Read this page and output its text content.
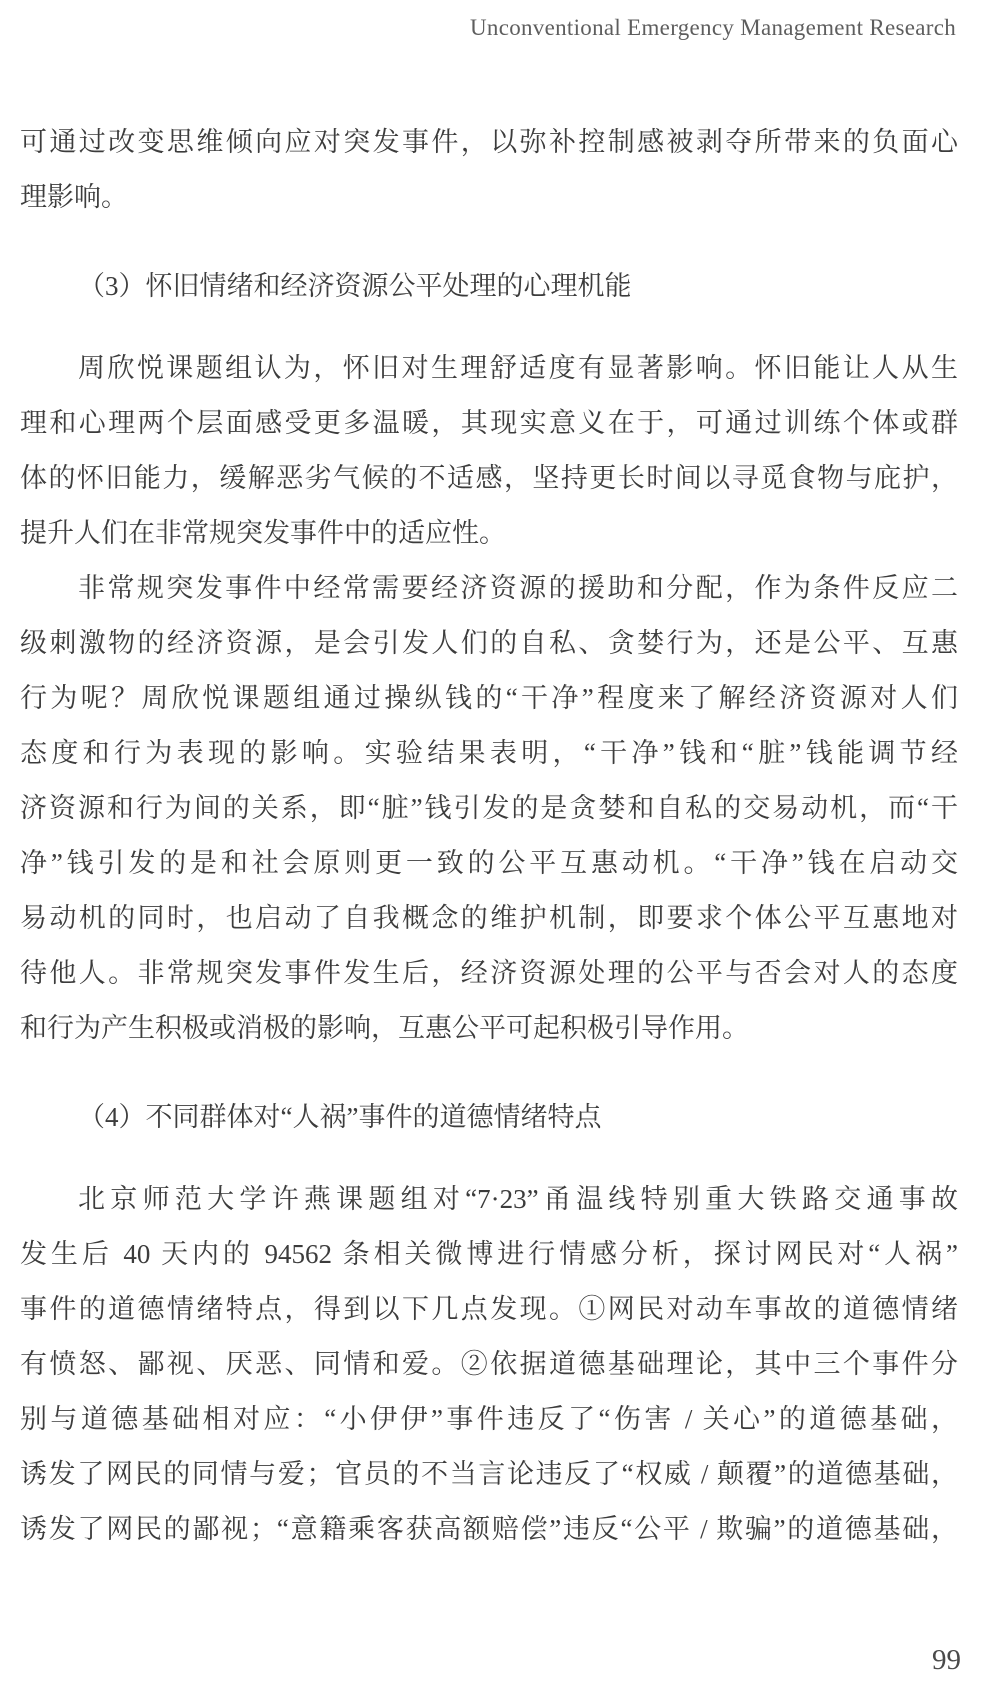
Unconventional Emergency Management Research
可通过改变思维倾向应对突发事件，以弥补控制感被剥夺所带来的负面心
理影响。
（3）怀旧情绪和经济资源公平处理的心理机能
周欣悦课题组认为，怀旧对生理舒适度有显著影响。怀旧能让人从生
理和心理两个层面感受更多温暖，其现实意义在于，可通过训练个体或群
体的怀旧能力，缓解恶劣气候的不适感，坚持更长时间以寻觅食物与庇护，
提升人们在非常规突发事件中的适应性。
非常规突发事件中经常需要经济资源的援助和分配，作为条件反应二
级刺激物的经济资源，是会引发人们的自私、贪婪行为，还是公平、互惠
行为呢？周欣悦课题组通过操纵钱的“干净”程度来了解经济资源对人们
态度和行为表现的影响。实验结果表明，“干净”钱和“脏”钱能调节经
济资源和行为间的关系，即“脏”钱引发的是贪婪和自私的交易动机，而“干
净”钱引发的是和社会原则更一致的公平互惠动机。“干净”钱在启动交
易动机的同时，也启动了自我概念的维护机制，即要求个体公平互惠地对
待他人。非常规突发事件发生后，经济资源处理的公平与否会对人的态度
和行为产生积极或消极的影响，互惠公平可起积极引导作用。
（4）不同群体对“人祸”事件的道德情绪特点
北京师范大学许燕课题组对“7·23”甬温线特别重大铁路交通事故
发生后 40 天内的 94562 条相关微博进行情感分析，探讨网民对“人祸”
事件的道德情绪特点，得到以下几点发现。①网民对动车事故的道德情绪
有愤怒、鄙视、厌恶、同情和爱。②依据道德基础理论，其中三个事件分
别与道德基础相对应：“小伊伊”事件违反了“伤害 / 关心”的道德基础，
诱发了网民的同情与爱；官员的不当言论违反了“权威 / 颠覆”的道德基础，
诱发了网民的鄙视；“意籍乘客获高额赔偿”违反“公平 / 欺骗”的道德基础，
99
